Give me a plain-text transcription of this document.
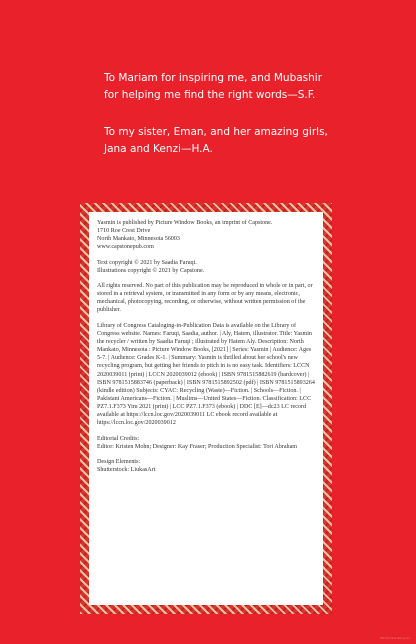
To Mariam for inspiring me, and Mubashir
for helping me find the right words—S.F.

To my sister, Eman, and her amazing girls,
Jana and Kenzi—H.A.

Yasmin is published by Picture Window Books, an imprint of Capstone.
1710 Roe Crest Drive
North Mankato, Minnesota 56003
www.capstonepub.com

Text copyright © 2021 by Saadia Faruqi.
Illustrations copyright © 2021 by Capstone.

All rights reserved. No part of this publication may be reproduced in whole or in part, or stored in a retrieval system, or transmitted in any form or by any means, electronic, mechanical, photocopying, recording, or otherwise, without written permission of the publisher.

Library of Congress Cataloging-in-Publication Data is available on the Library of Congress website. Names: Faruqi, Saadia, author. | Aly, Hatem, illustrator. Title: Yasmin the recycler / written by Saadia Faruqi ; illustrated by Hatem Aly. Description: North Mankato, Minnesota : Picture Window Books, [2021] | Series: Yasmin | Audience: Ages 5-7. | Audience: Grades K-1. | Summary: Yasmin is thrilled about her school's new recycling program, but getting her friends to pitch in is no easy task. Identifiers: LCCN 2020039011 (print) | LCCN 2020039012 (ebook) | ISBN 9781515882619 (hardcover) | ISBN 9781515883746 (paperback) | ISBN 9781515892502 (pdf) | ISBN 9781515893264 (kindle edition) Subjects: CYAC: Recycling (Waste)—Fiction. | Schools—Fiction. | Pakistani Americans—Fiction. | Muslims—United States—Fiction. Classification: LCC PZ7.1.F373 Yim 2021 (print) | LCC PZ7.1.F373 (ebook) | DDC [E]—dc23 LC record available at https://lccn.loc.gov/2020039011 LC ebook record available at https://lccn.loc.gov/2020039012

Editorial Credits:
Editor: Kristen Mohn; Designer: Kay Fraser; Production Specialist: Tori Abraham

Design Elements:
Shutterstock: LiukasArt

Yasmin the Recycler
